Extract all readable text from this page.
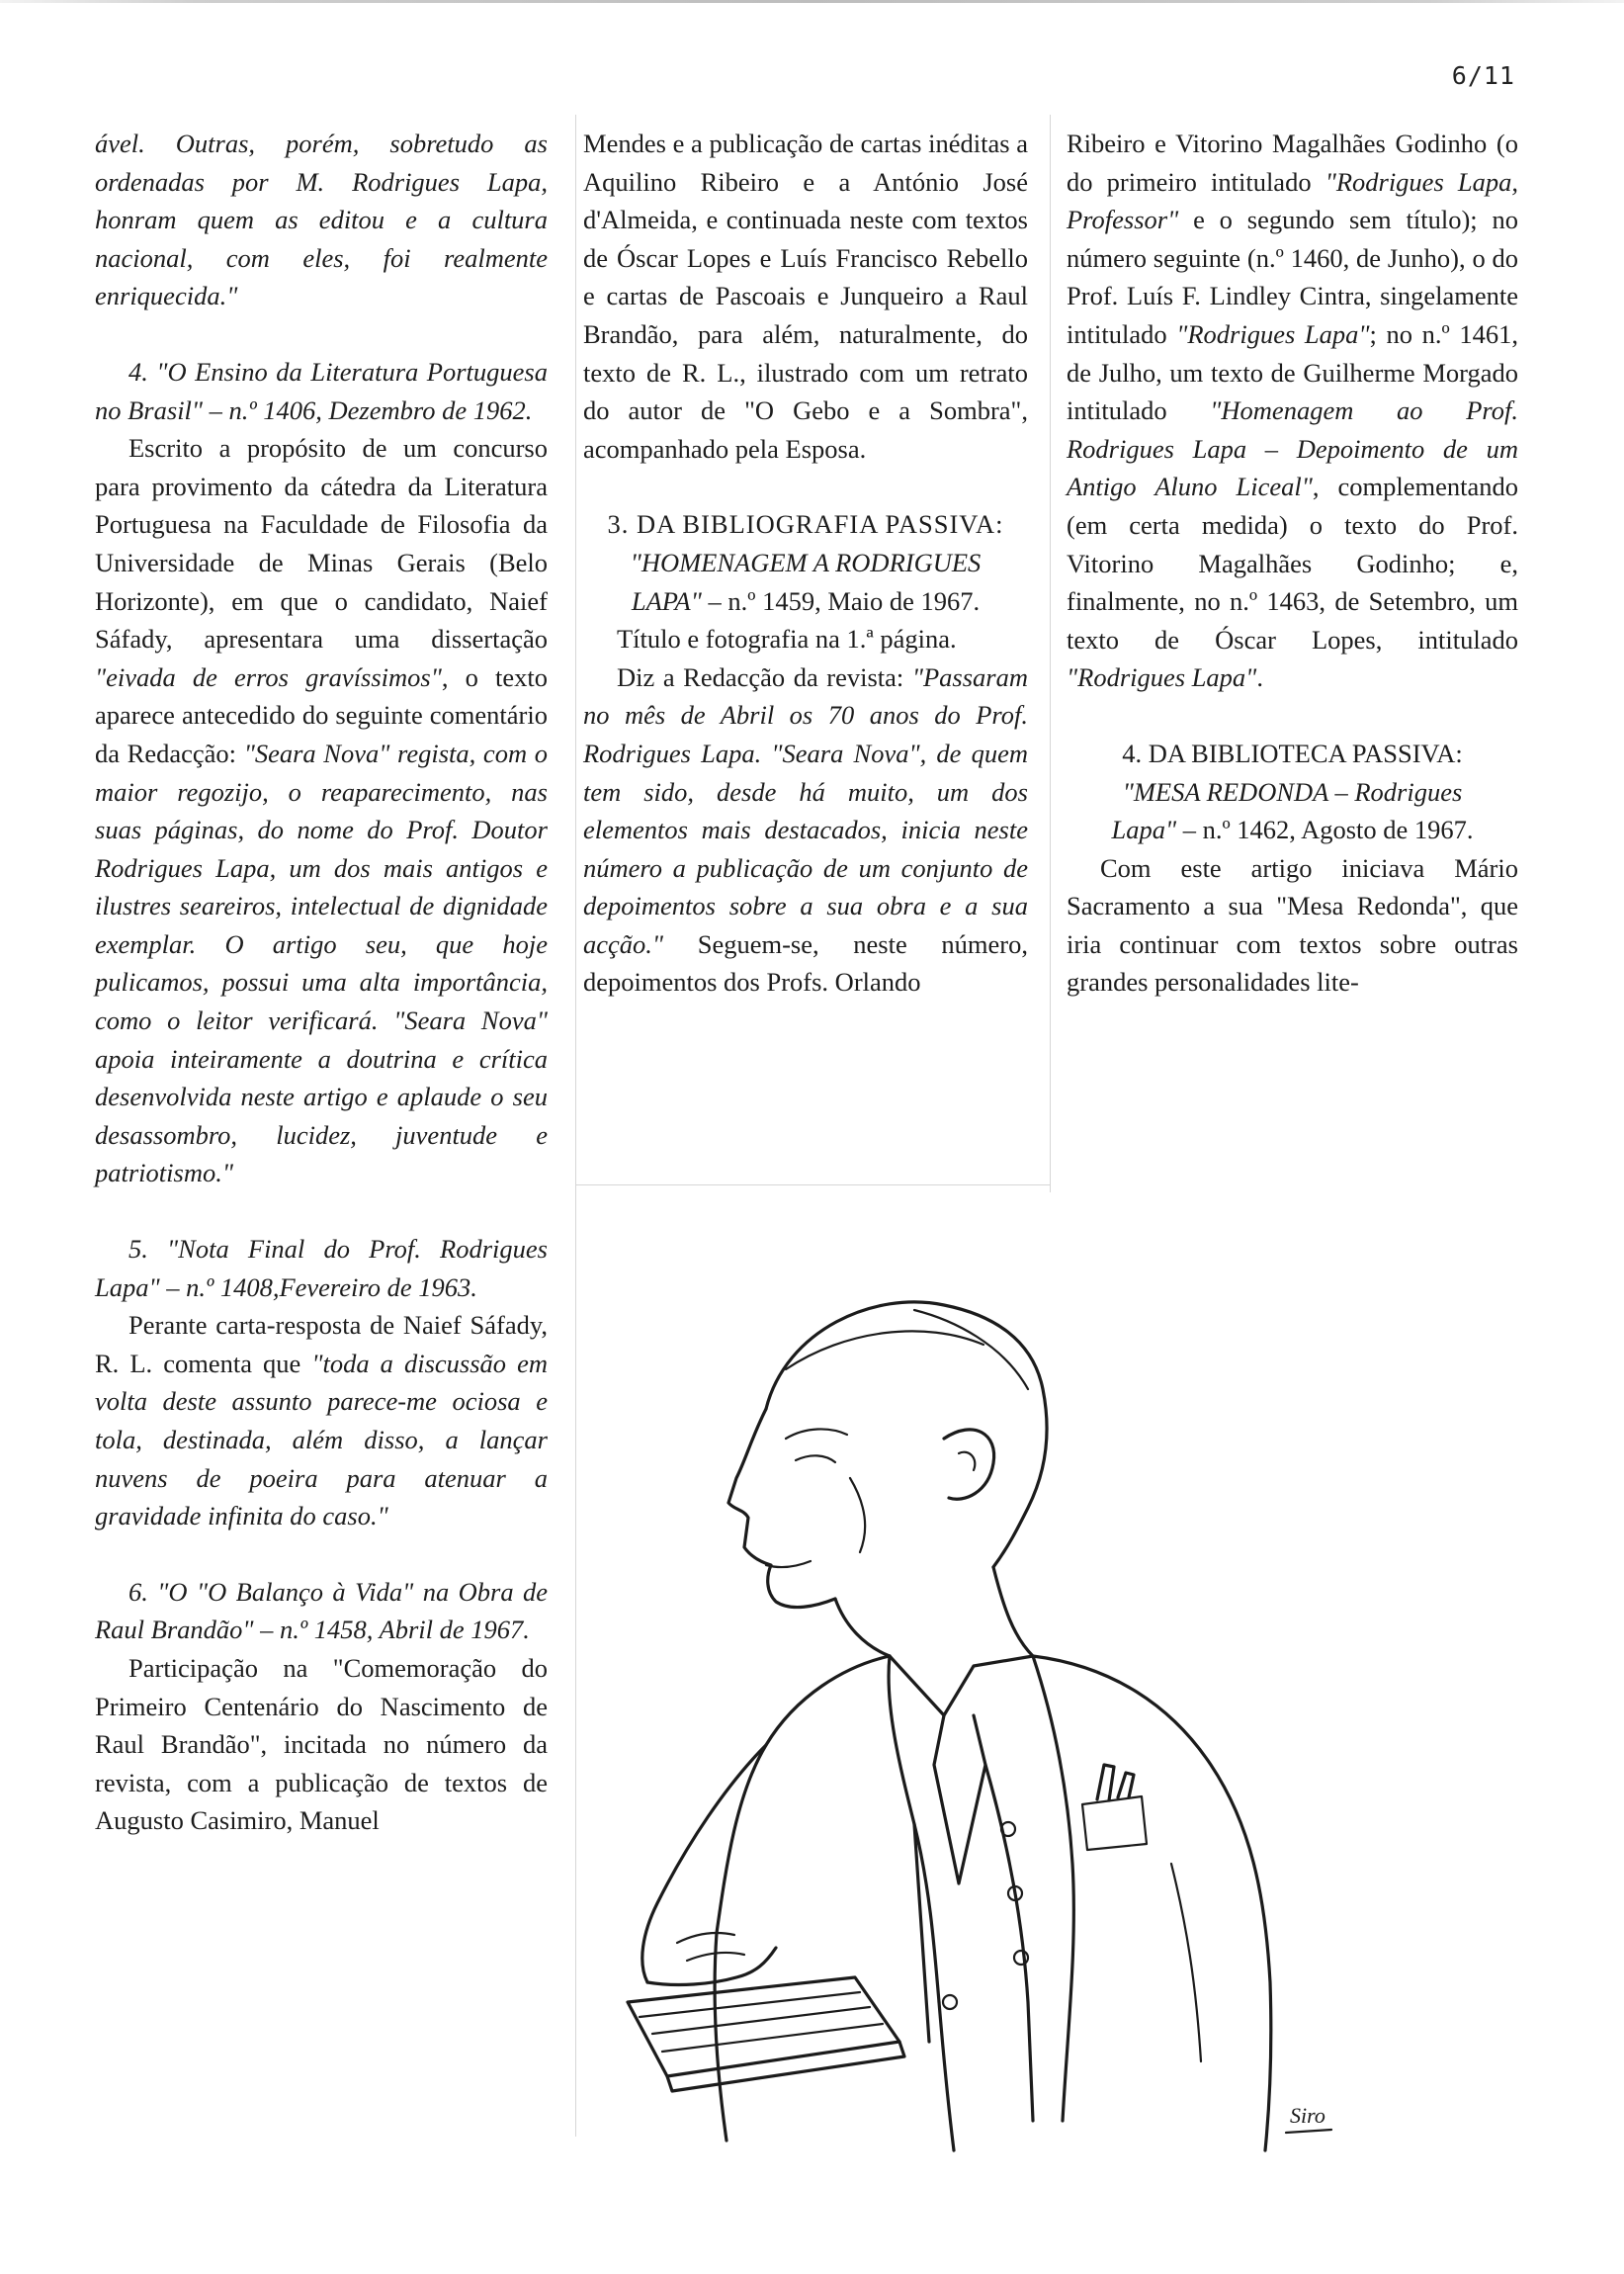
6/11

ável. Outras, porém, sobretudo as ordenadas por M. Rodrigues Lapa, honram quem as editou e a cultura nacional, com eles, foi realmente enriquecida."

4. "O Ensino da Literatura Portuguesa no Brasil" – n.º 1406, Dezembro de 1962.

Escrito a propósito de um concurso para provimento da cátedra da Literatura Portuguesa na Faculdade de Filosofia da Universidade de Minas Gerais (Belo Horizonte), em que o candidato, Naief Sáfady, apresentara uma dissertação "eivada de erros gravíssimos", o texto aparece antecedido do seguinte comentário da Redacção: "Seara Nova" regista, com o maior regozijo, o reaparecimento, nas suas páginas, do nome do Prof. Doutor Rodrigues Lapa, um dos mais antigos e ilustres seareiros, intelectual de dignidade exemplar. O artigo seu, que hoje pulicamos, possui uma alta importância, como o leitor verificará. "Seara Nova" apoia inteiramente a doutrina e crítica desenvolvida neste artigo e aplaude o seu desassombro, lucidez, juventude e patriotismo."

5. "Nota Final do Prof. Rodrigues Lapa" – n.º 1408,Fevereiro de 1963.

Perante carta-resposta de Naief Sáfady, R. L. comenta que "toda a discussão em volta deste assunto parece-me ociosa e tola, destinada, além disso, a lançar nuvens de poeira para atenuar a gravidade infinita do caso."

6. "O "O Balanço à Vida" na Obra de Raul Brandão" – n.º 1458, Abril de 1967.

Participação na "Comemoração do Primeiro Centenário do Nascimento de Raul Brandão", incitada no número da revista, com a publicação de textos de Augusto Casimiro, Manuel

Mendes e a publicação de cartas inéditas a Aquilino Ribeiro e a António José d'Almeida, e continuada neste com textos de Óscar Lopes e Luís Francisco Rebello e cartas de Pascoais e Junqueiro a Raul Brandão, para além, naturalmente, do texto de R. L., ilustrado com um retrato do autor de "O Gebo e a Sombra", acompanhado pela Esposa.

3. DA BIBLIOGRAFIA PASSIVA: "HOMENAGEM A RODRIGUES LAPA" – n.º 1459, Maio de 1967.

Título e fotografia na 1.ª página.

Diz a Redacção da revista: "Passaram no mês de Abril os 70 anos do Prof. Rodrigues Lapa. "Seara Nova", de quem tem sido, desde há muito, um dos elementos mais destacados, inicia neste número a publicação de um conjunto de depoimentos sobre a sua obra e a sua acção." Seguem-se, neste número, depoimentos dos Profs. Orlando

Ribeiro e Vitorino Magalhães Godinho (o do primeiro intitulado "Rodrigues Lapa, Professor" e o segundo sem título); no número seguinte (n.º 1460, de Junho), o do Prof. Luís F. Lindley Cintra, singelamente intitulado "Rodrigues Lapa"; no n.º 1461, de Julho, um texto de Guilherme Morgado intitulado "Homenagem ao Prof. Rodrigues Lapa – Depoimento de um Antigo Aluno Liceal", complementando (em certa medida) o texto do Prof. Vitorino Magalhães Godinho; e, finalmente, no n.º 1463, de Setembro, um texto de Óscar Lopes, intitulado "Rodrigues Lapa".

4. DA BIBLIOTECA PASSIVA: "MESA REDONDA – Rodrigues Lapa" – n.º 1462, Agosto de 1967.

Com este artigo iniciava Mário Sacramento a sua "Mesa Redonda", que iria continuar com textos sobre outras grandes personalidades lite-

Siro
